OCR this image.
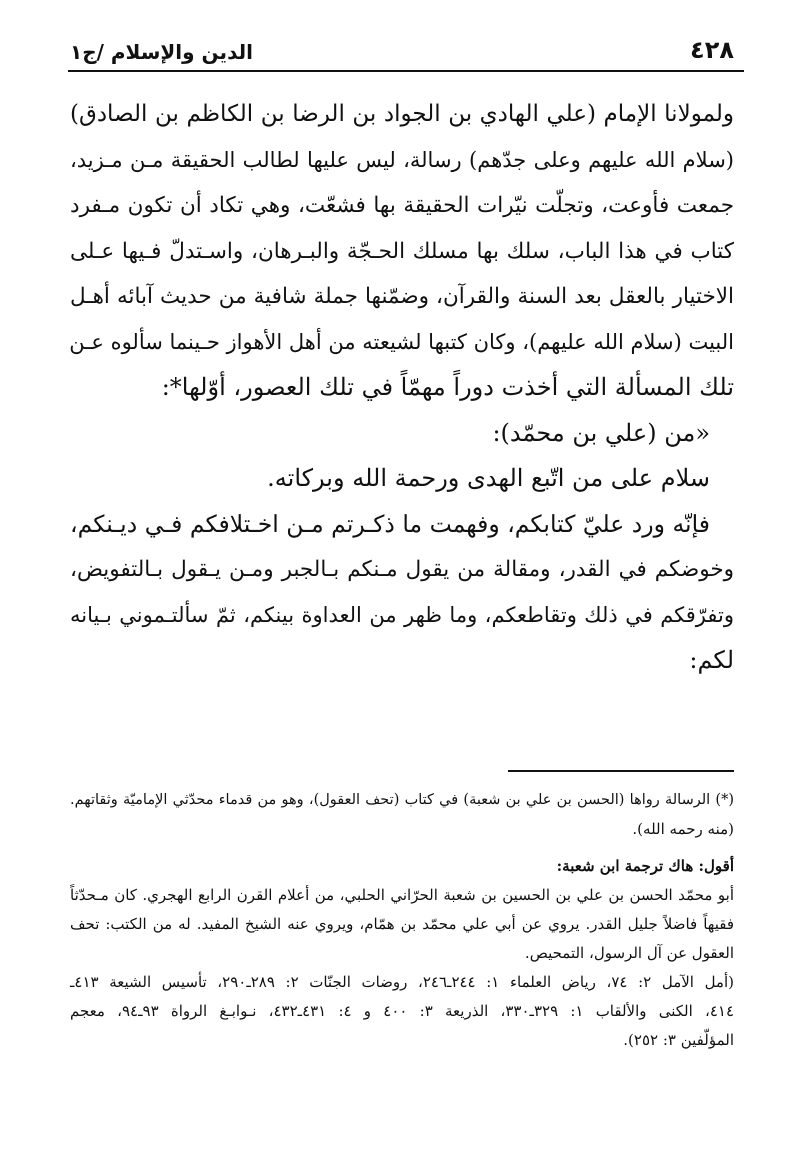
٤٢٨
الدين والإسلام /ج١
ولمولانا الإمام (علي الهادي بن الجواد بن الرضا بن الكاظم بن الصادق)
(سلام الله عليهم وعلى جدّهم) رسالة، ليس عليها لطالب الحقيقة مـن مـزيد،
جمعت فأوعت، وتجلّت نيّرات الحقيقة بها فشعّت، وهي تكاد أن تكون مـفرد
كتاب في هذا الباب، سلك بها مسلك الحـجّة والبـرهان، واسـتدلّ فـيها عـلى
الاختيار بالعقل بعد السنة والقرآن، وضمّنها جملة شافية من حديث آبائه أهـل
البيت (سلام الله عليهم)، وكان كتبها لشيعته من أهل الأهواز حـينما سألوه عـن
تلك المسألة التي أخذت دوراً مهمّاً في تلك العصور، أوّلها*:
«من (علي بن محمّد):
سلام على من اتّبع الهدى ورحمة الله وبركاته.
فإنّه ورد عليّ كتابكم، وفهمت ما ذكـرتم مـن اخـتلافكم فـي ديـنكم،
وخوضكم في القدر، ومقالة من يقول مـنكم بـالجبر ومـن يـقول بـالتفويض،
وتفرّقكم في ذلك وتقاطعكم، وما ظهر من العداوة بينكم، ثمّ سألتـموني بـيانه
لكم:
(*) الرسالة رواها (الحسن بن علي بن شعبة) في كتاب (تحف العقول)، وهو من قدماء محدّثي الإماميّة وثقاتهم.
(منه رحمه الله).
أقول: هاك ترجمة ابن شعبة:
أبو محمّد الحسن بن علي بن الحسين بن شعبة الحرّاني الحلبي، من أعلام القرن الرابع الهجري. كان مـحدّثاً
فقيهاً فاضلاً جليل القدر. يروي عن أبي علي محمّد بن همّام، ويروي عنه الشيخ المفيد. له من الكتب: تحف
العقول عن آل الرسول، التمحيص.
(أمل الآمل ٢: ٧٤، رياض العلماء ١: ٢٤٤ـ٢٤٦، روضات الجنّات ٢: ٢٨٩ـ٢٩٠، تأسيس الشيعة ٤١٣ـ
٤١٤، الكنى والألقاب ١: ٣٢٩ـ٣٣٠، الذريعة ٣: ٤٠٠ و ٤: ٤٣١ـ٤٣٢، نـوابـغ الرواة ٩٣ـ٩٤، معجم
المؤلّفين ٣: ٢٥٢).
